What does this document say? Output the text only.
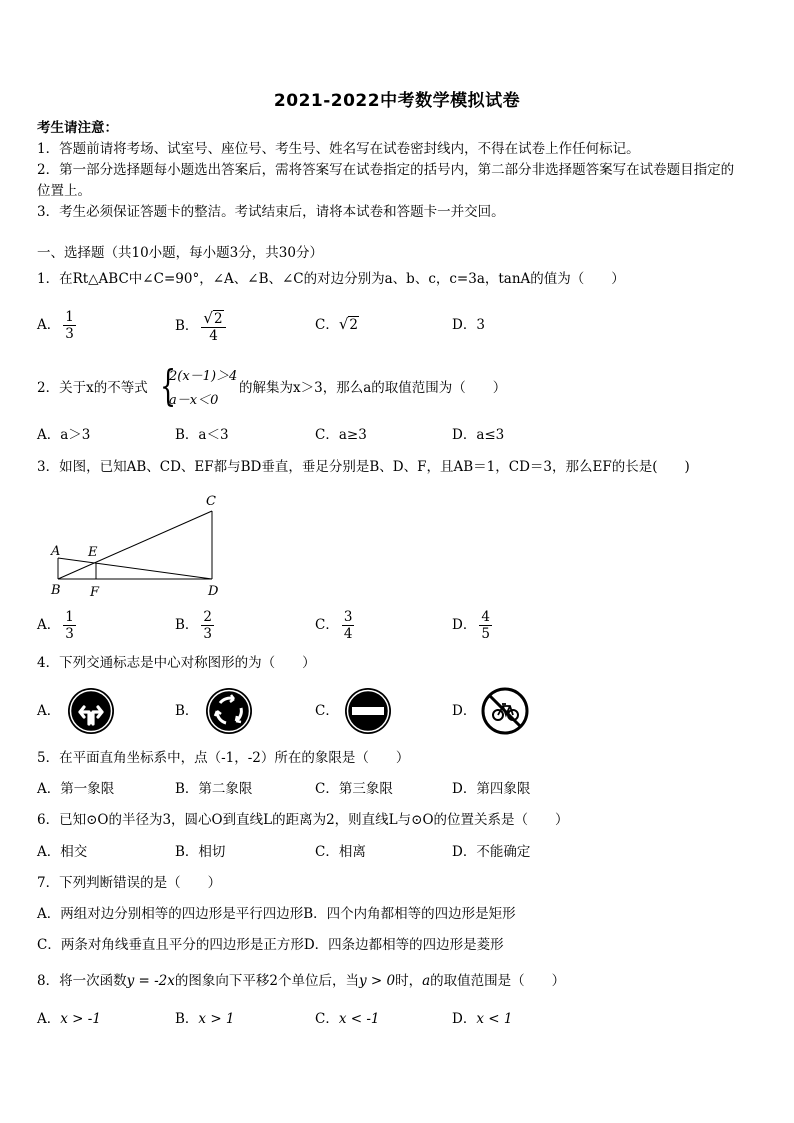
2021-2022中考数学模拟试卷
考生请注意：
1．答题前请将考场、试室号、座位号、考生号、姓名写在试卷密封线内，不得在试卷上作任何标记。
2．第一部分选择题每小题选出答案后，需将答案写在试卷指定的括号内，第二部分非选择题答案写在试卷题目指定的
位置上。
3．考生必须保证答题卡的整洁。考试结束后，请将本试卷和答题卡一并交回。
一、选择题（共10小题，每小题3分，共30分）
1．在Rt△ABC中∠C=90°，∠A、∠B、∠C的对边分别为a、b、c，c=3a，tanA的值为（　　）
A． $\frac{1}{3}$	B． $\frac{√ 2}{4}$	C． √ 2	D．3
2．关于x的不等式 {
2(x－1)＞4
a－x＜0
的解集为x＞3，那么a的取值范围为（　　）
A．a＞3	B．a＜3	C．a≥3	D．a≤3
3．如图，已知AB、CD、EF都与BD垂直，垂足分别是B、D、F，且AB＝1，CD＝3，那么EF的长是(　　)
A
B
C
D
E
F
A． $\frac{1}{3}$	B． $\frac{2}{3}$	C． $\frac{3}{4}$	D． $\frac{4}{5}$
4．下列交通标志是中心对称图形的为（　　）
A．	B．	C．	D．
5．在平面直角坐标系中，点（-1，-2）所在的象限是（　　）
A．第一象限	B．第二象限	C．第三象限	D．第四象限
6．已知⊙O的半径为3，圆心O到直线L的距离为2，则直线L与⊙O的位置关系是（　　）
A．相交	B．相切	C．相离	D．不能确定
7．下列判断错误的是（　　）
A．两组对边分别相等的四边形是平行四边形B．四个内角都相等的四边形是矩形
C．两条对角线垂直且平分的四边形是正方形D．四条边都相等的四边形是菱形
8．将一次函数y = -2x的图象向下平移2个单位后，当y > 0时，a的取值范围是（　　）
A．x > -1	B．x > 1	C．x < -1	D．x < 1
